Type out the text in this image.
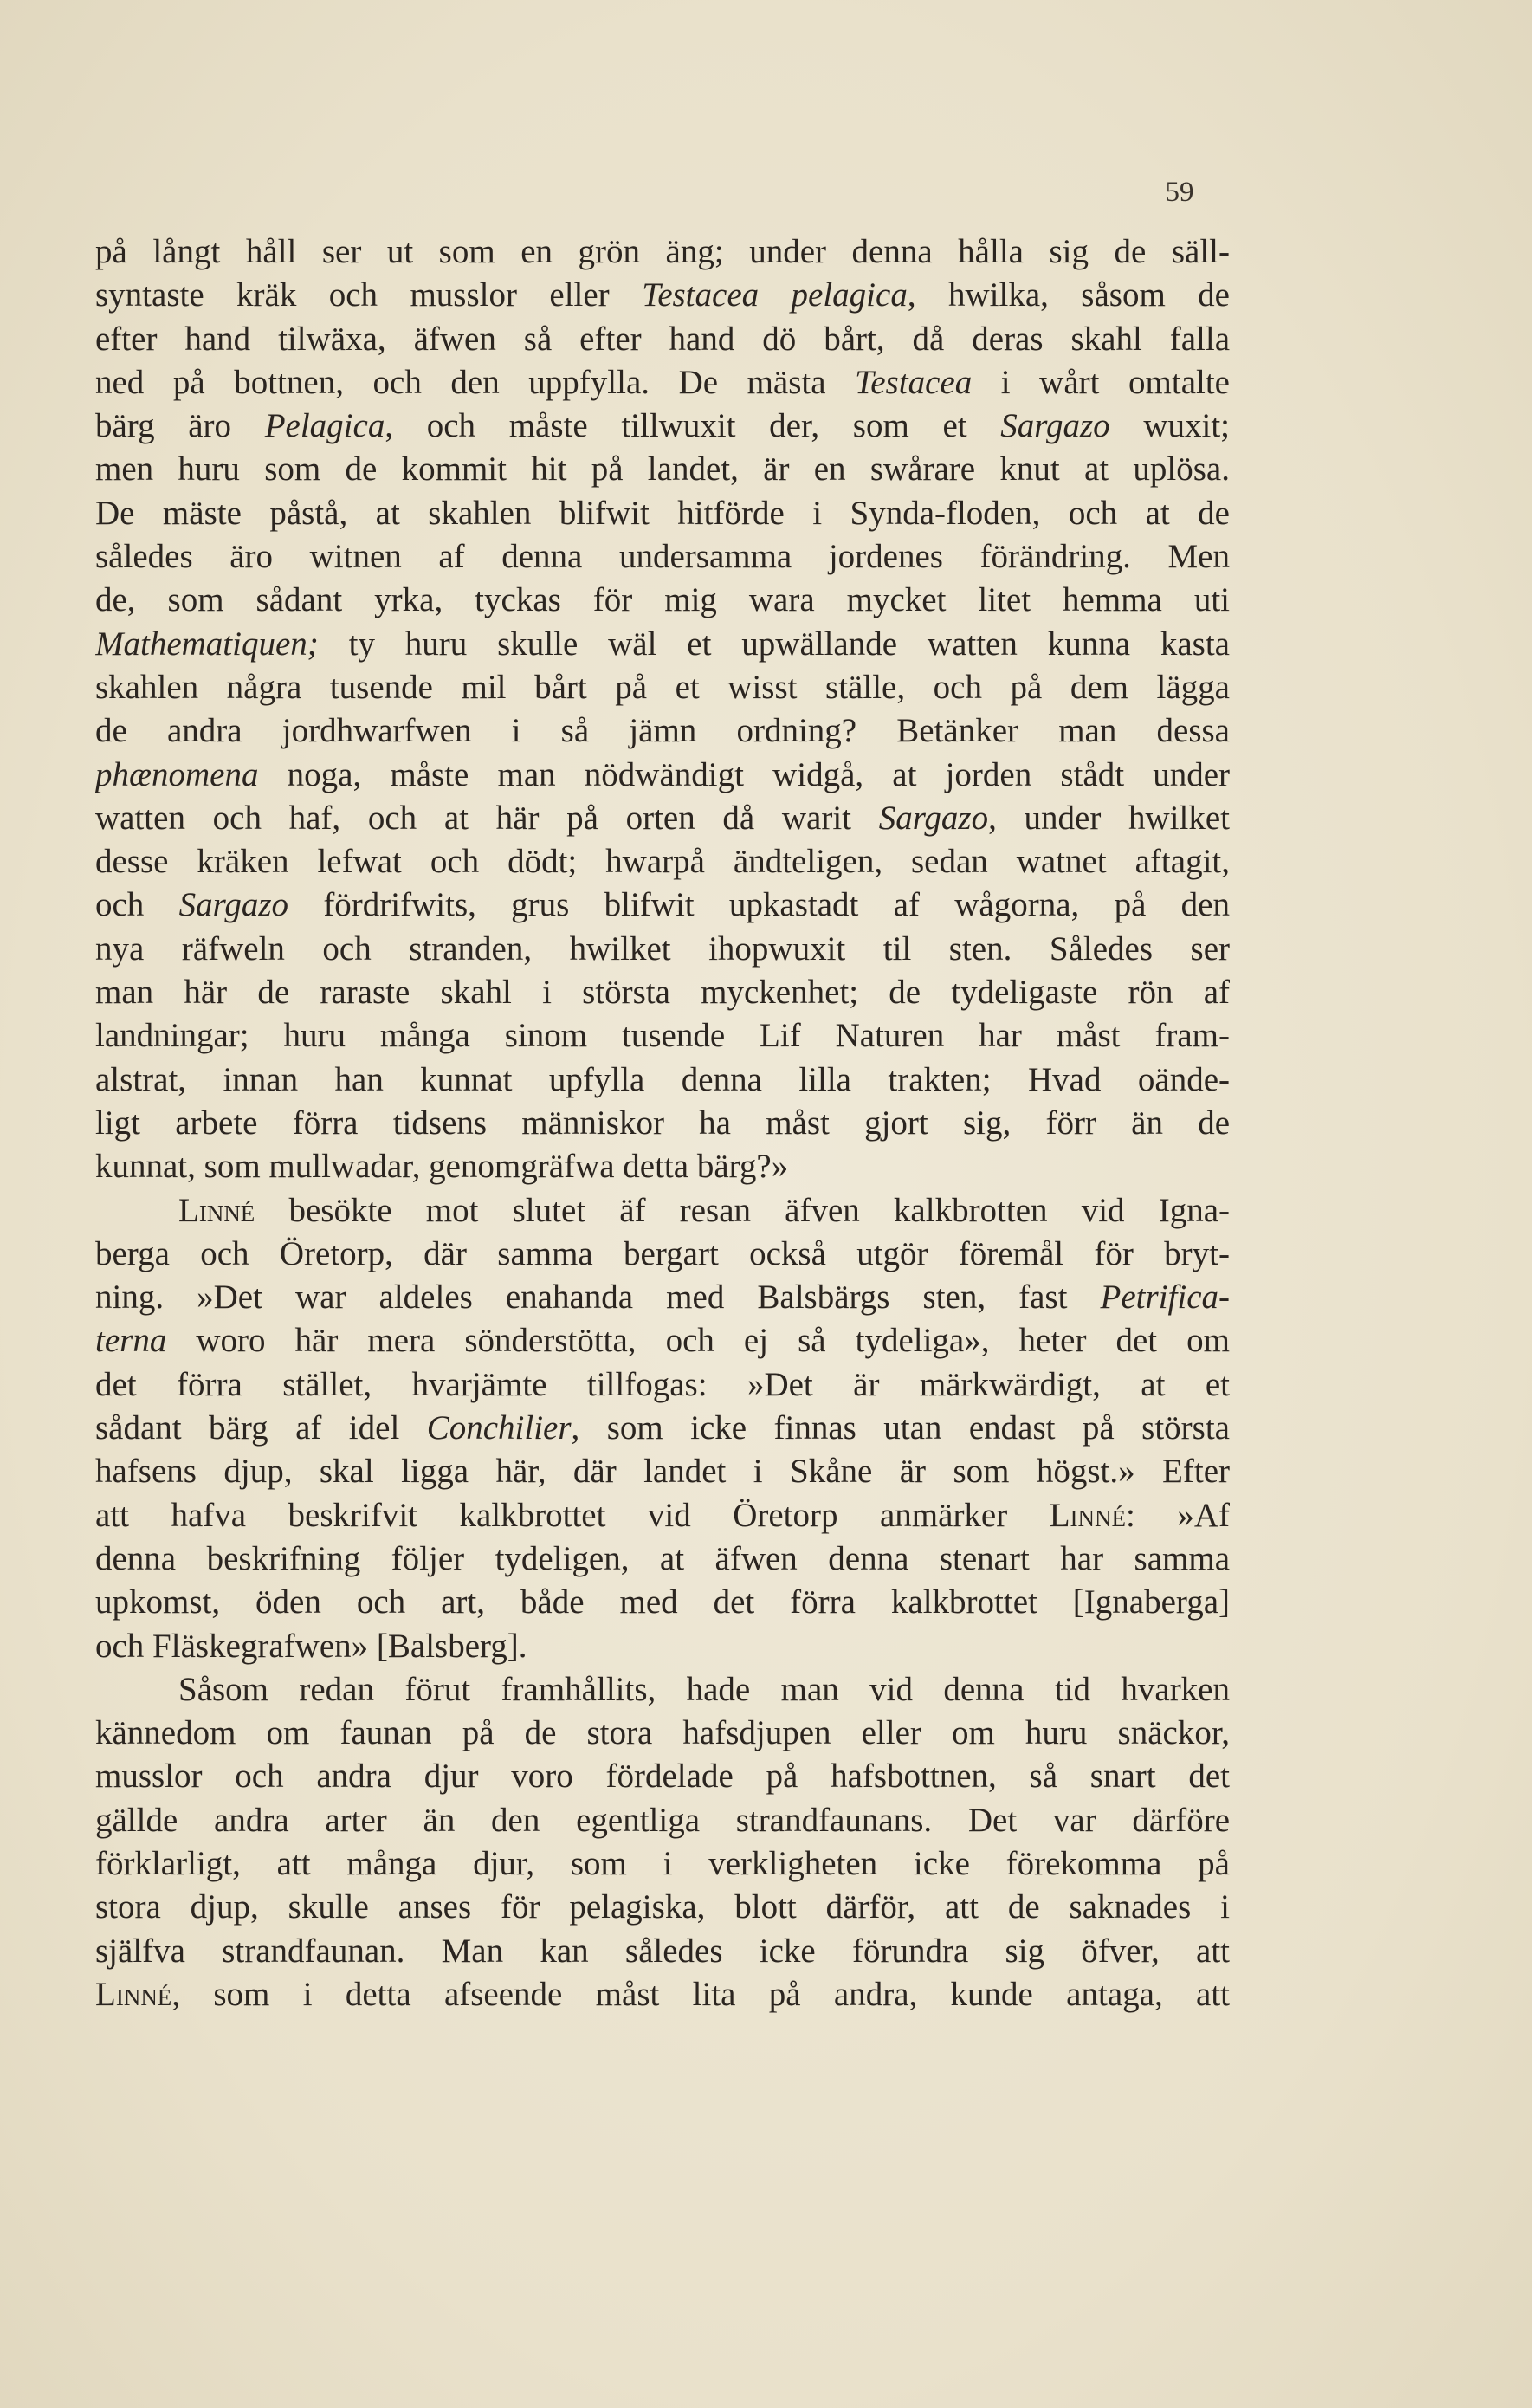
59
på långt håll ser ut som en grön äng; under denna hålla sig de säll-
syntaste kräk och musslor eller Testacea pelagica, hwilka, såsom de
efter hand tilwäxa, äfwen så efter hand dö bårt, då deras skahl falla
ned på bottnen, och den uppfylla. De mästa Testacea i wårt omtalte
bärg äro Pelagica, och måste tillwuxit der, som et Sargazo wuxit;
men huru som de kommit hit på landet, är en swårare knut at uplösa.
De mäste påstå, at skahlen blifwit hitförde i Synda-floden, och at de
således äro witnen af denna undersamma jordenes förändring. Men
de, som sådant yrka, tyckas för mig wara mycket litet hemma uti
Mathematiquen; ty huru skulle wäl et upwällande watten kunna kasta
skahlen några tusende mil bårt på et wisst ställe, och på dem lägga
de andra jordhwarfwen i så jämn ordning? Betänker man dessa
phænomena noga, måste man nödwändigt widgå, at jorden stådt under
watten och haf, och at här på orten då warit Sargazo, under hwilket
desse kräken lefwat och dödt; hwarpå ändteligen, sedan watnet aftagit,
och Sargazo fördrifwits, grus blifwit upkastadt af wågorna, på den
nya räfweln och stranden, hwilket ihopwuxit til sten. Således ser
man här de raraste skahl i största myckenhet; de tydeligaste rön af
landningar; huru många sinom tusende Lif Naturen har måst fram-
alstrat, innan han kunnat upfylla denna lilla trakten; Hvad oände-
ligt arbete förra tidsens människor ha måst gjort sig, förr än de
kunnat, som mullwadar, genomgräfwa detta bärg?»
Linné besökte mot slutet äf resan äfven kalkbrotten vid Igna-
berga och Öretorp, där samma bergart också utgör föremål för bryt-
ning. »Det war aldeles enahanda med Balsbärgs sten, fast Petrifica-
terna woro här mera sönderstötta, och ej så tydeliga», heter det om
det förra stället, hvarjämte tillfogas: »Det är märkwärdigt, at et
sådant bärg af idel Conchilier, som icke finnas utan endast på största
hafsens djup, skal ligga här, där landet i Skåne är som högst.» Efter
att hafva beskrifvit kalkbrottet vid Öretorp anmärker Linné: »Af
denna beskrifning följer tydeligen, at äfwen denna stenart har samma
upkomst, öden och art, både med det förra kalkbrottet [Ignaberga]
och Fläskegrafwen» [Balsberg].
Såsom redan förut framhållits, hade man vid denna tid hvarken
kännedom om faunan på de stora hafsdjupen eller om huru snäckor,
musslor och andra djur voro fördelade på hafsbottnen, så snart det
gällde andra arter än den egentliga strandfaunans. Det var därföre
förklarligt, att många djur, som i verkligheten icke förekomma på
stora djup, skulle anses för pelagiska, blott därför, att de saknades i
själfva strandfaunan. Man kan således icke förundra sig öfver, att
Linné, som i detta afseende måst lita på andra, kunde antaga, att
